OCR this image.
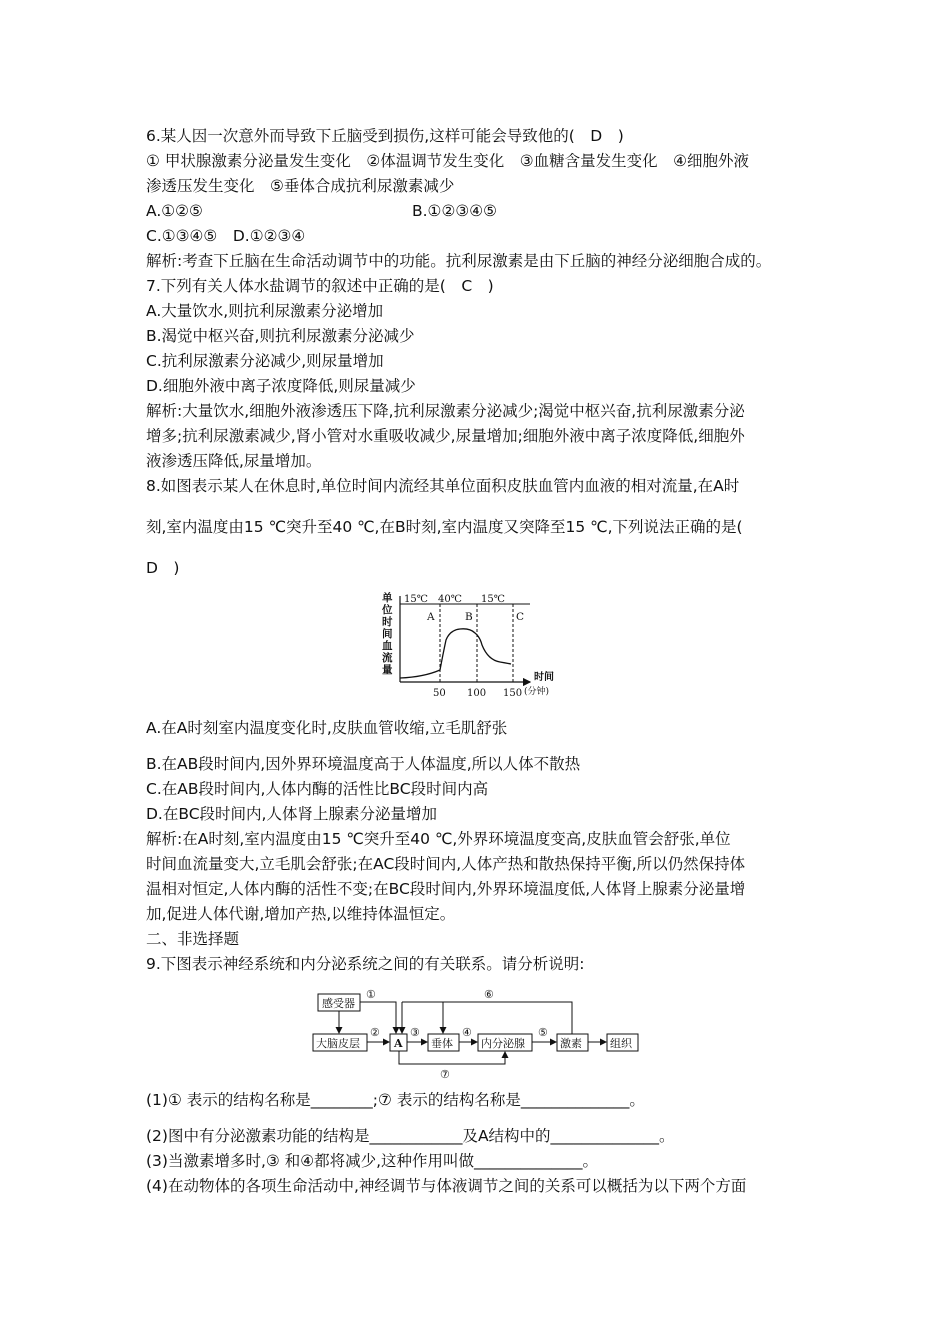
6.某人因一次意外而导致下丘脑受到损伤,这样可能会导致他的(　D　)
① 甲状腺激素分泌量发生变化　②体温调节发生变化　③血糖含量发生变化　④细胞外液
渗透压发生变化　⑤垂体合成抗利尿激素减少
A.①②⑤	B.①②③④⑤
C.①③④⑤　D.①②③④
解析:考查下丘脑在生命活动调节中的功能。抗利尿激素是由下丘脑的神经分泌细胞合成的。
7.下列有关人体水盐调节的叙述中正确的是(　C　)
A.大量饮水,则抗利尿激素分泌增加
B.渴觉中枢兴奋,则抗利尿激素分泌减少
C.抗利尿激素分泌减少,则尿量增加
D.细胞外液中离子浓度降低,则尿量减少
解析:大量饮水,细胞外液渗透压下降,抗利尿激素分泌减少;渴觉中枢兴奋,抗利尿激素分泌
增多;抗利尿激素减少,肾小管对水重吸收减少,尿量增加;细胞外液中离子浓度降低,细胞外
液渗透压降低,尿量增加。
8.如图表示某人在休息时,单位时间内流经其单位面积皮肤血管内血液的相对流量,在A时
刻,室内温度由15 ℃突升至40 ℃,在B时刻,室内温度又突降至15 ℃,下列说法正确的是(
D　)
单
位
时
间
血
流
量
15℃ 40℃ 15℃
A	B	C
50 100 150
时间
(分钟)
A.在A时刻室内温度变化时,皮肤血管收缩,立毛肌舒张
B.在AB段时间内,因外界环境温度高于人体温度,所以人体不散热
C.在AB段时间内,人体内酶的活性比BC段时间内高
D.在BC段时间内,人体肾上腺素分泌量增加
解析:在A时刻,室内温度由15 ℃突升至40 ℃,外界环境温度变高,皮肤血管会舒张,单位
时间血流量变大,立毛肌会舒张;在AC段时间内,人体产热和散热保持平衡,所以仍然保持体
温相对恒定,人体内酶的活性不变;在BC段时间内,外界环境温度低,人体肾上腺素分泌量增
加,促进人体代谢,增加产热,以维持体温恒定。
二、非选择题
9.下图表示神经系统和内分泌系统之间的有关联系。请分析说明:
感受器
大脑皮层	A	垂体	内分泌腺	激素	组织
①
②	③	④	⑤
⑥
⑦
(1)① 表示的结构名称是________;⑦ 表示的结构名称是______________。
(2)图中有分泌激素功能的结构是____________及A结构中的______________。
(3)当激素增多时,③ 和④都将减少,这种作用叫做______________。
(4)在动物体的各项生命活动中,神经调节与体液调节之间的关系可以概括为以下两个方面
